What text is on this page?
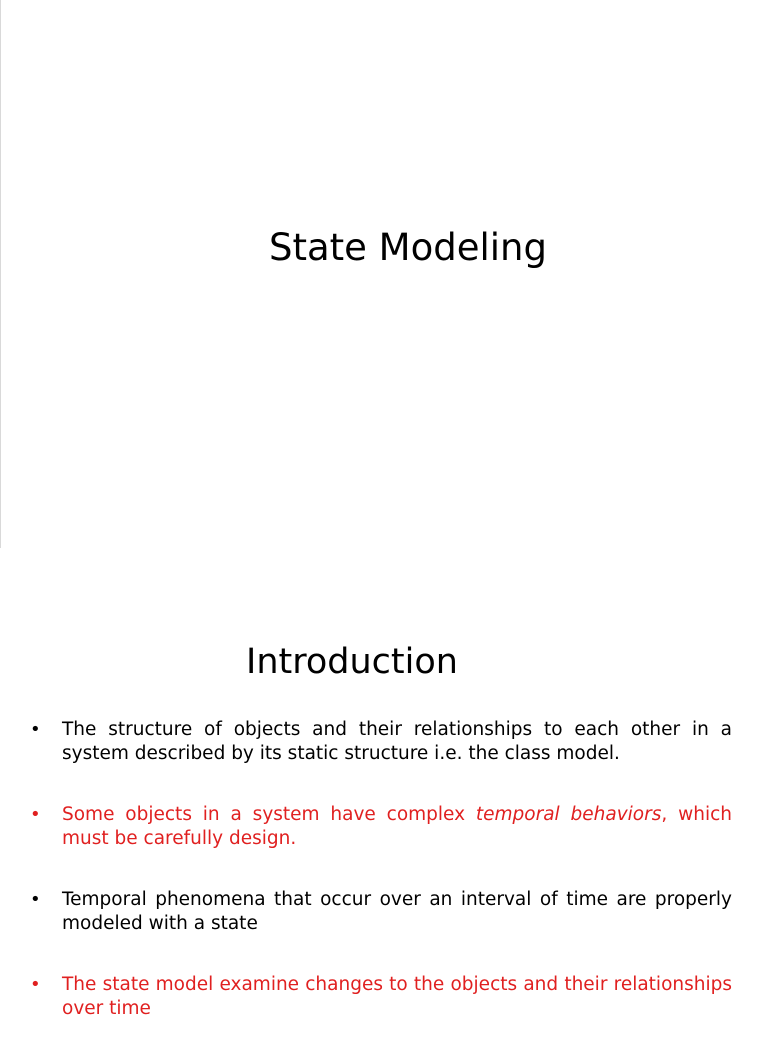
State Modeling
Introduction
• The structure of objects and their relationships to each other in a system described by its static structure i.e. the class model.
• Some objects in a system have complex temporal behaviors, which must be carefully design.
• Temporal phenomena that occur over an interval of time are properly modeled with a state
• The state model examine changes to the objects and their relationships over time
